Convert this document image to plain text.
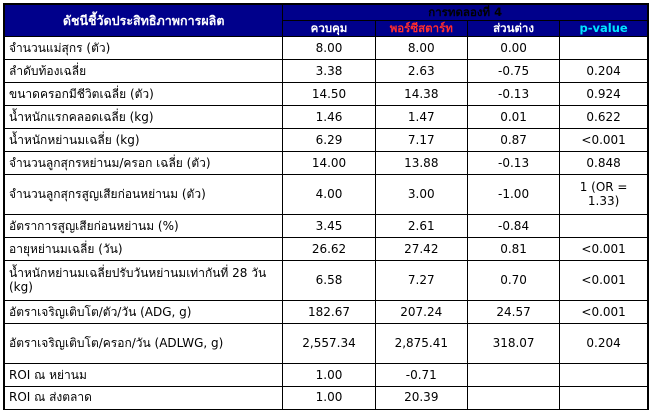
ดัชนีชี้วัดประสิทธิภาพการผลิต	การทดลองที่ 4			
	ควบคุม	พอร์ซีสตาร์ท	ส่วนต่าง	p-value
จำนวนแม่สุกร (ตัว)	8.00	8.00	0.00	
ลำดับท้องเฉลี่ย	3.38	2.63	-0.75	0.204
ขนาดครอกมีชีวิตเฉลี่ย (ตัว)	14.50	14.38	-0.13	0.924
น้ำหนักแรกคลอดเฉลี่ย (kg)	1.46	1.47	0.01	0.622
น้ำหนักหย่านมเฉลี่ย (kg)	6.29	7.17	0.87	<0.001
จำนวนลูกสุกรหย่านม/ครอก เฉลี่ย (ตัว)	14.00	13.88	-0.13	0.848
จำนวนลูกสุกรสูญเสียก่อนหย่านม (ตัว)	4.00	3.00	-1.00	1 (OR = 1.33)
อัตราการสูญเสียก่อนหย่านม (%)	3.45	2.61	-0.84	
อายุหย่านมเฉลี่ย (วัน)	26.62	27.42	0.81	<0.001
น้ำหนักหย่านมเฉลี่ยปรับวันหย่านมเท่ากันที่ 28 วัน (kg)	6.58	7.27	0.70	<0.001
อัตราเจริญเติบโต/ตัว/วัน (ADG, g)	182.67	207.24	24.57	<0.001
อัตราเจริญเติบโต/ครอก/วัน (ADLWG, g)	2,557.34	2,875.41	318.07	0.204
ROI ณ หย่านม	1.00	-0.71		
ROI ณ ส่งตลาด	1.00	20.39		
